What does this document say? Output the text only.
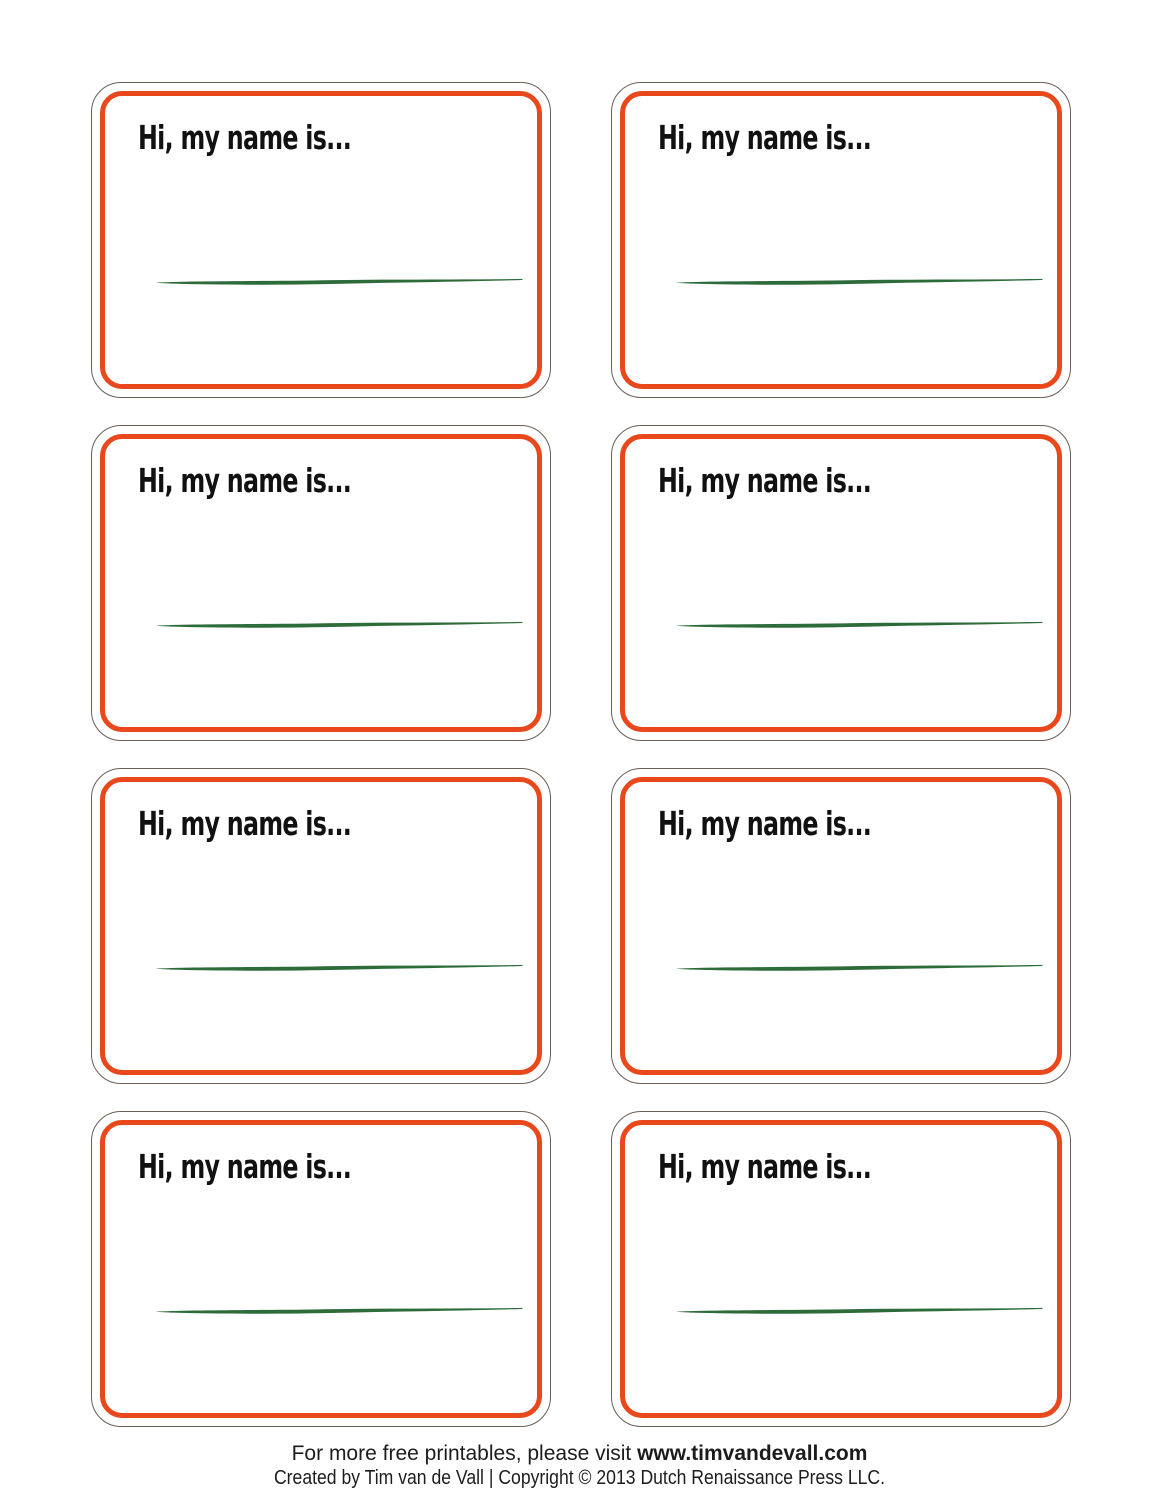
Hi, my name is...	Hi, my name is...
Hi, my name is...	Hi, my name is...
Hi, my name is...	Hi, my name is...
Hi, my name is...	Hi, my name is...
For more free printables, please visit www.timvandevall.com
Created by Tim van de Vall | Copyright © 2013 Dutch Renaissance Press LLC.
